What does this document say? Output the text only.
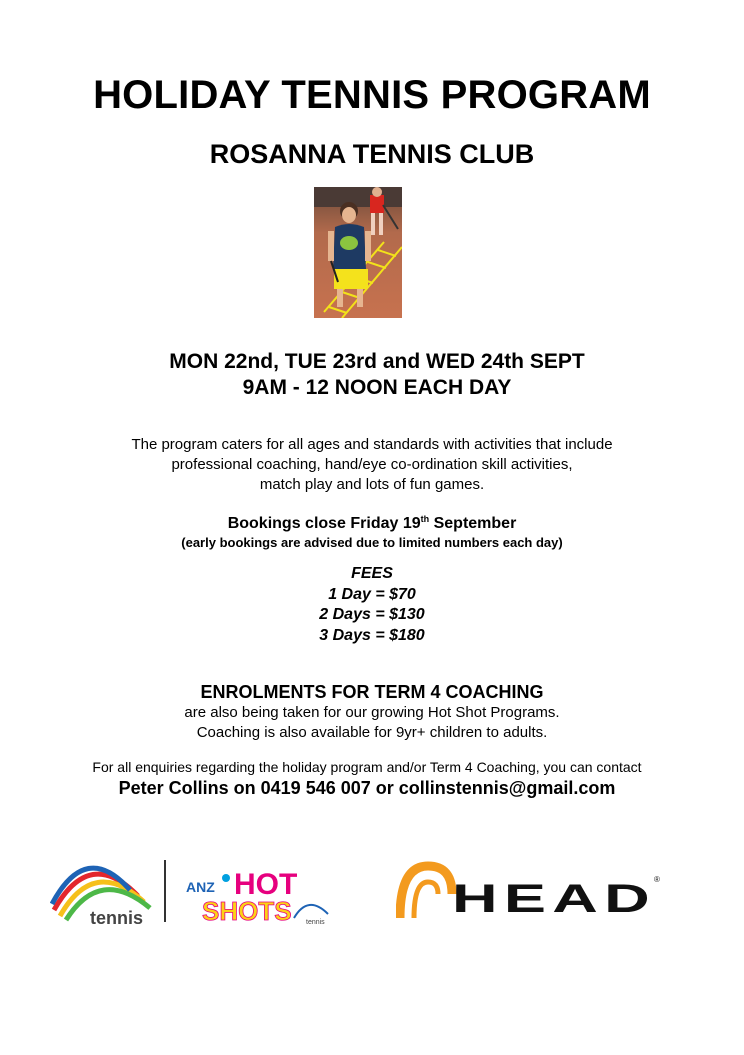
HOLIDAY TENNIS PROGRAM
ROSANNA TENNIS CLUB
MON 22nd, TUE 23rd and WED 24th SEPT
9AM - 12 NOON EACH DAY
The program caters for all ages and standards with activities that include
professional coaching, hand/eye co-ordination skill activities,
match play and lots of fun games.
Bookings close Friday 19th September
(early bookings are advised due to limited numbers each day)
FEES
1 Day = $70
2 Days = $130
3 Days = $180
ENROLMENTS FOR TERM 4 COACHING
are also being taken for our growing Hot Shot Programs.
Coaching is also available for 9yr+ children to adults.
For all enquiries regarding the holiday program and/or Term 4 Coaching, you can contact
Peter Collins on 0419 546 007 or collinstennis@gmail.com
tennis
ANZ HOT
SHOTS tennis
HEAD
®
